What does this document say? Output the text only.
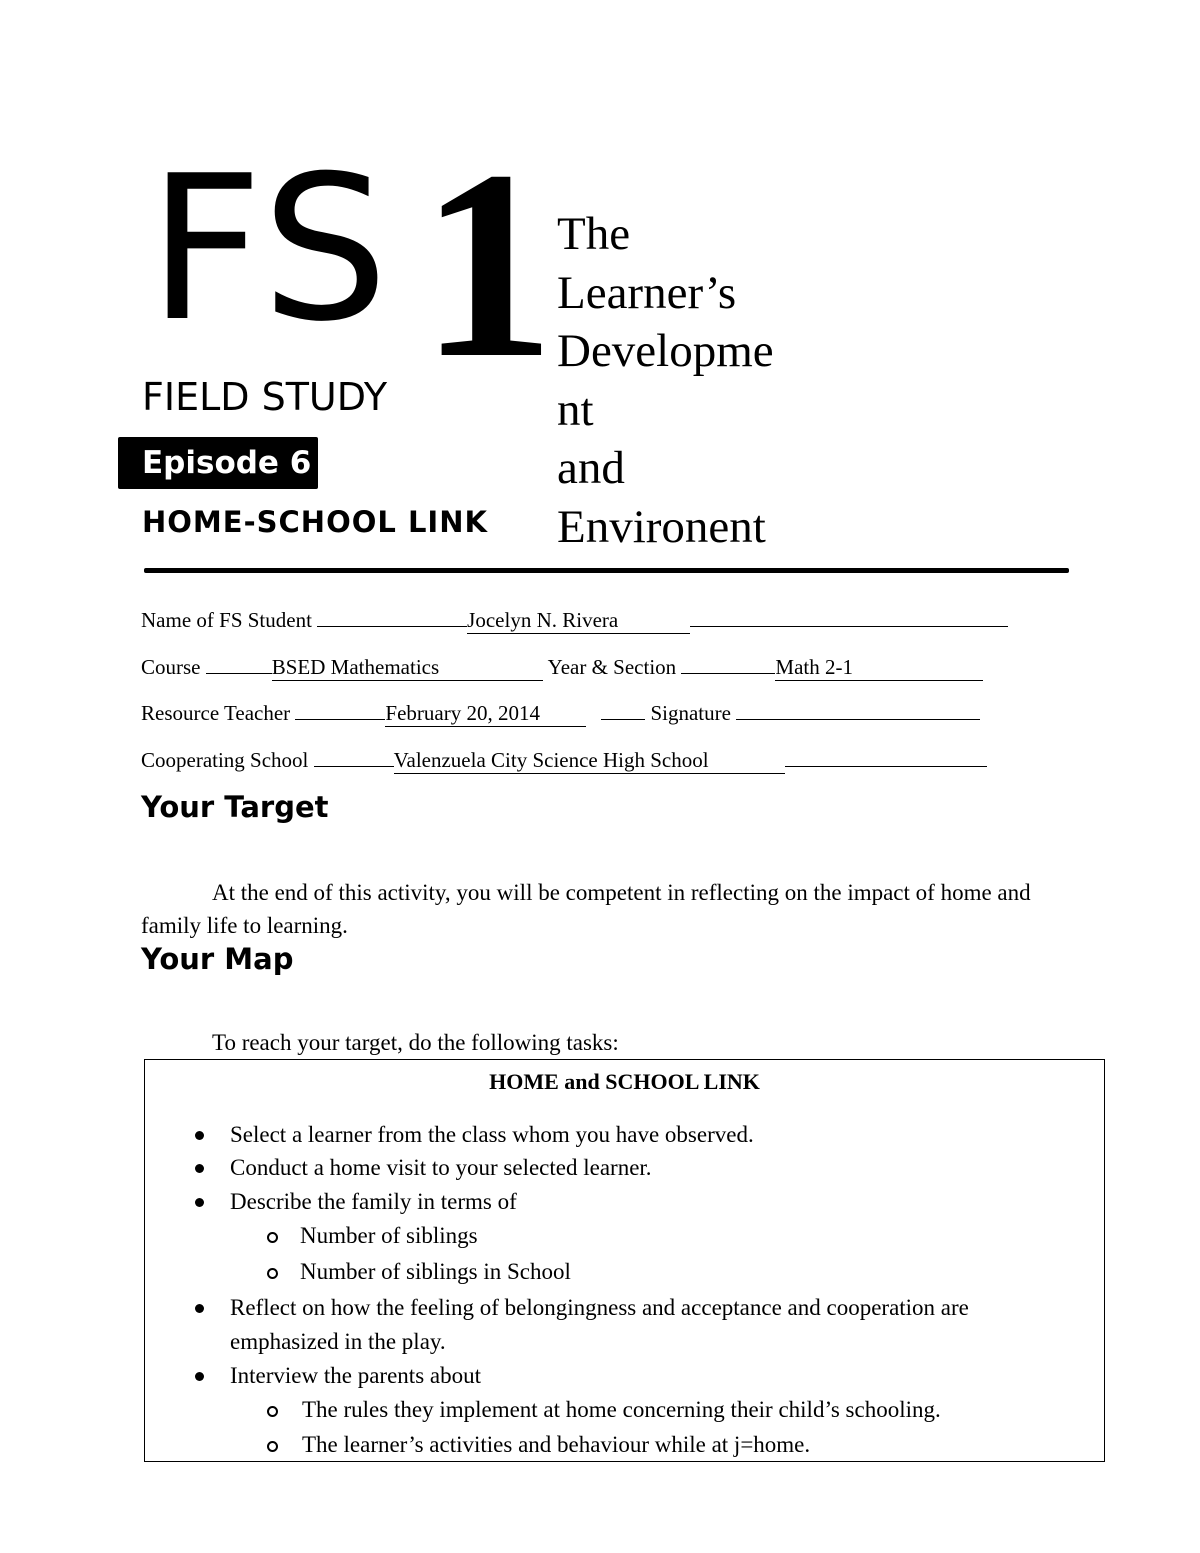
FS 1
FIELD STUDY
Episode 6
HOME-SCHOOL LINK
The
Learner’s
Developme
nt
and
Environent
Name of FS Student	Jocelyn N. Rivera
Course	BSED Mathematics	Year & Section	Math 2-1
Resource Teacher	February 20, 2014	Signature
Cooperating School	Valenzuela City Science High School
Your Target
At the end of this activity, you will be competent in reflecting on the impact of home and family life to learning.
Your Map
To reach your target, do the following tasks:
HOME and SCHOOL LINK
Select a learner from the class whom you have observed.
Conduct a home visit to your selected learner.
Describe the family in terms of
Number of siblings
Number of siblings in School
Reflect on how the feeling of belongingness and acceptance and cooperation are
emphasized in the play.
Interview the parents about
The rules they implement at home concerning their child’s schooling.
The learner’s activities and behaviour while at j=home.
